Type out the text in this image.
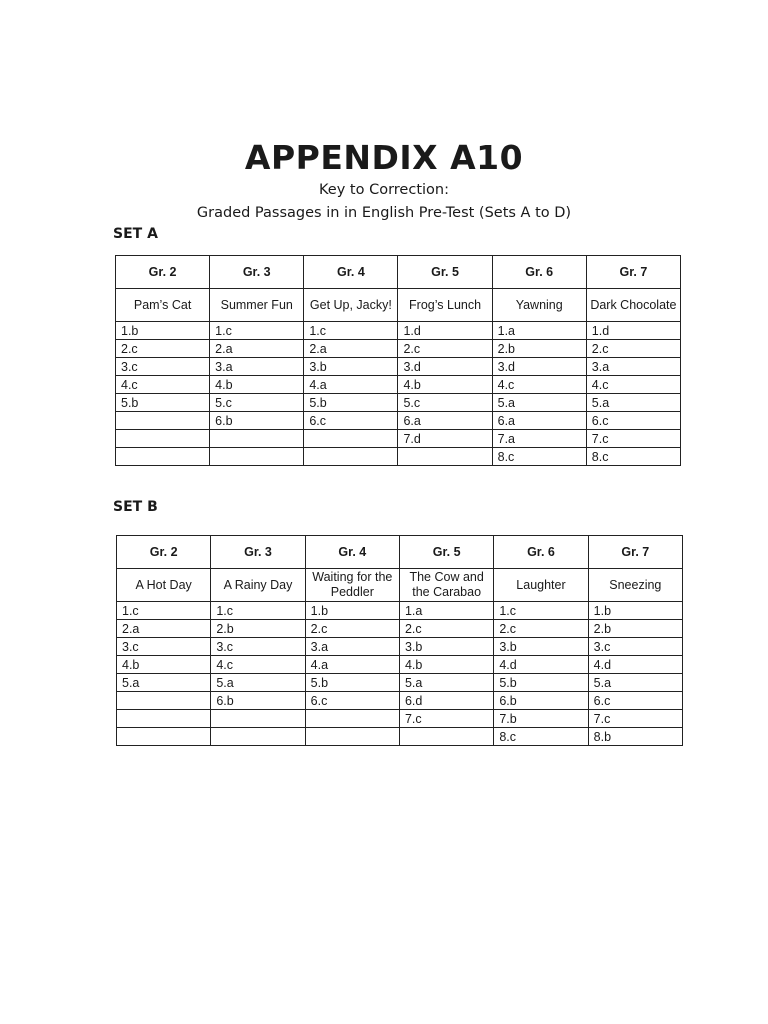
APPENDIX A10
Key to Correction:
Graded Passages in in English Pre-Test (Sets A to D)
SET A
Gr. 2	Gr. 3	Gr. 4	Gr. 5	Gr. 6	Gr. 7
Pam’s Cat	Summer Fun	Get Up, Jacky!	Frog’s Lunch	Yawning	Dark Chocolate
1.b	1.c	1.c	1.d	1.a	1.d
2.c	2.a	2.a	2.c	2.b	2.c
3.c	3.a	3.b	3.d	3.d	3.a
4.c	4.b	4.a	4.b	4.c	4.c
5.b	5.c	5.b	5.c	5.a	5.a
	6.b	6.c	6.a	6.a	6.c
			7.d	7.a	7.c
				8.c	8.c
SET B
Gr. 2	Gr. 3	Gr. 4	Gr. 5	Gr. 6	Gr. 7
A Hot Day	A Rainy Day	Waiting for the Peddler	The Cow and the Carabao	Laughter	Sneezing
1.c	1.c	1.b	1.a	1.c	1.b
2.a	2.b	2.c	2.c	2.c	2.b
3.c	3.c	3.a	3.b	3.b	3.c
4.b	4.c	4.a	4.b	4.d	4.d
5.a	5.a	5.b	5.a	5.b	5.a
	6.b	6.c	6.d	6.b	6.c
			7.c	7.b	7.c
				8.c	8.b
